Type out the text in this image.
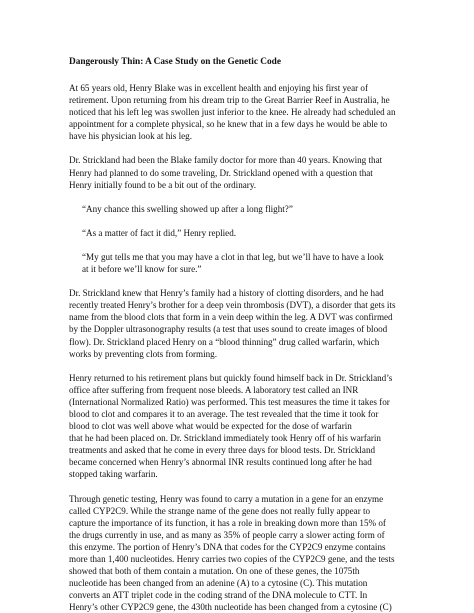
Dangerously Thin: A Case Study on the Genetic Code

At 65 years old, Henry Blake was in excellent health and enjoying his first year of
retirement. Upon returning from his dream trip to the Great Barrier Reef in Australia, he
noticed that his left leg was swollen just inferior to the knee. He already had scheduled an
appointment for a complete physical, so he knew that in a few days he would be able to
have his physician look at his leg.

Dr. Strickland had been the Blake family doctor for more than 40 years. Knowing that
Henry had planned to do some traveling, Dr. Strickland opened with a question that
Henry initially found to be a bit out of the ordinary.

“Any chance this swelling showed up after a long flight?”

“As a matter of fact it did,” Henry replied.

“My gut tells me that you may have a clot in that leg, but we’ll have to have a look
at it before we’ll know for sure.”

Dr. Strickland knew that Henry’s family had a history of clotting disorders, and he had
recently treated Henry’s brother for a deep vein thrombosis (DVT), a disorder that gets its
name from the blood clots that form in a vein deep within the leg. A DVT was confirmed
by the Doppler ultrasonography results (a test that uses sound to create images of blood
flow). Dr. Strickland placed Henry on a “blood thinning” drug called warfarin, which
works by preventing clots from forming.

Henry returned to his retirement plans but quickly found himself back in Dr. Strickland’s
office after suffering from frequent nose bleeds. A laboratory test called an INR
(International Normalized Ratio) was performed. This test measures the time it takes for
blood to clot and compares it to an average. The test revealed that the time it took for
blood to clot was well above what would be expected for the dose of warfarin
that he had been placed on. Dr. Strickland immediately took Henry off of his warfarin
treatments and asked that he come in every three days for blood tests. Dr. Strickland
became concerned when Henry’s abnormal INR results continued long after he had
stopped taking warfarin.

Through genetic testing, Henry was found to carry a mutation in a gene for an enzyme
called CYP2C9. While the strange name of the gene does not really fully appear to
capture the importance of its function, it has a role in breaking down more than 15% of
the drugs currently in use, and as many as 35% of people carry a slower acting form of
this enzyme. The portion of Henry’s DNA that codes for the CYP2C9 enzyme contains
more than 1,400 nucleotides. Henry carries two copies of the CYP2C9 gene, and the tests
showed that both of them contain a mutation. On one of these genes, the 1075th
nucleotide has been changed from an adenine (A) to a cytosine (C). This mutation
converts an ATT triplet code in the coding strand of the DNA molecule to CTT. In
Henry’s other CYP2C9 gene, the 430th nucleotide has been changed from a cytosine (C)
